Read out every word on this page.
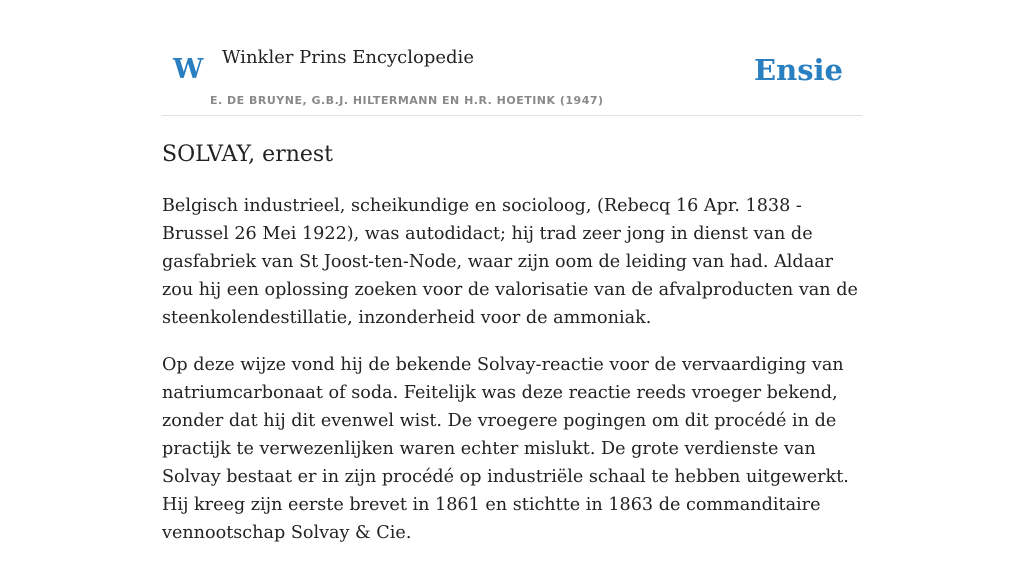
W Winkler Prins Encyclopedie
E. DE BRUYNE, G.B.J. HILTERMANN EN H.R. HOETINK (1947)
Ensie
SOLVAY, ernest

Belgisch industrieel, scheikundige en socioloog, (Rebecq 16 Apr. 1838 - Brussel 26 Mei 1922), was autodidact; hij trad zeer jong in dienst van de gasfabriek van St Joost-ten-Node, waar zijn oom de leiding van had. Aldaar zou hij een oplossing zoeken voor de valorisatie van de afvalproducten van de steenkolendestillatie, inzonderheid voor de ammoniak.

Op deze wijze vond hij de bekende Solvay-reactie voor de vervaardiging van natriumcarbonaat of soda. Feitelijk was deze reactie reeds vroeger bekend, zonder dat hij dit evenwel wist. De vroegere pogingen om dit procédé in de practijk te verwezenlijken waren echter mislukt. De grote verdienste van Solvay bestaat er in zijn procédé op industriële schaal te hebben uitgewerkt. Hij kreeg zijn eerste brevet in 1861 en stichtte in 1863 de commanditaire vennootschap Solvay & Cie.
